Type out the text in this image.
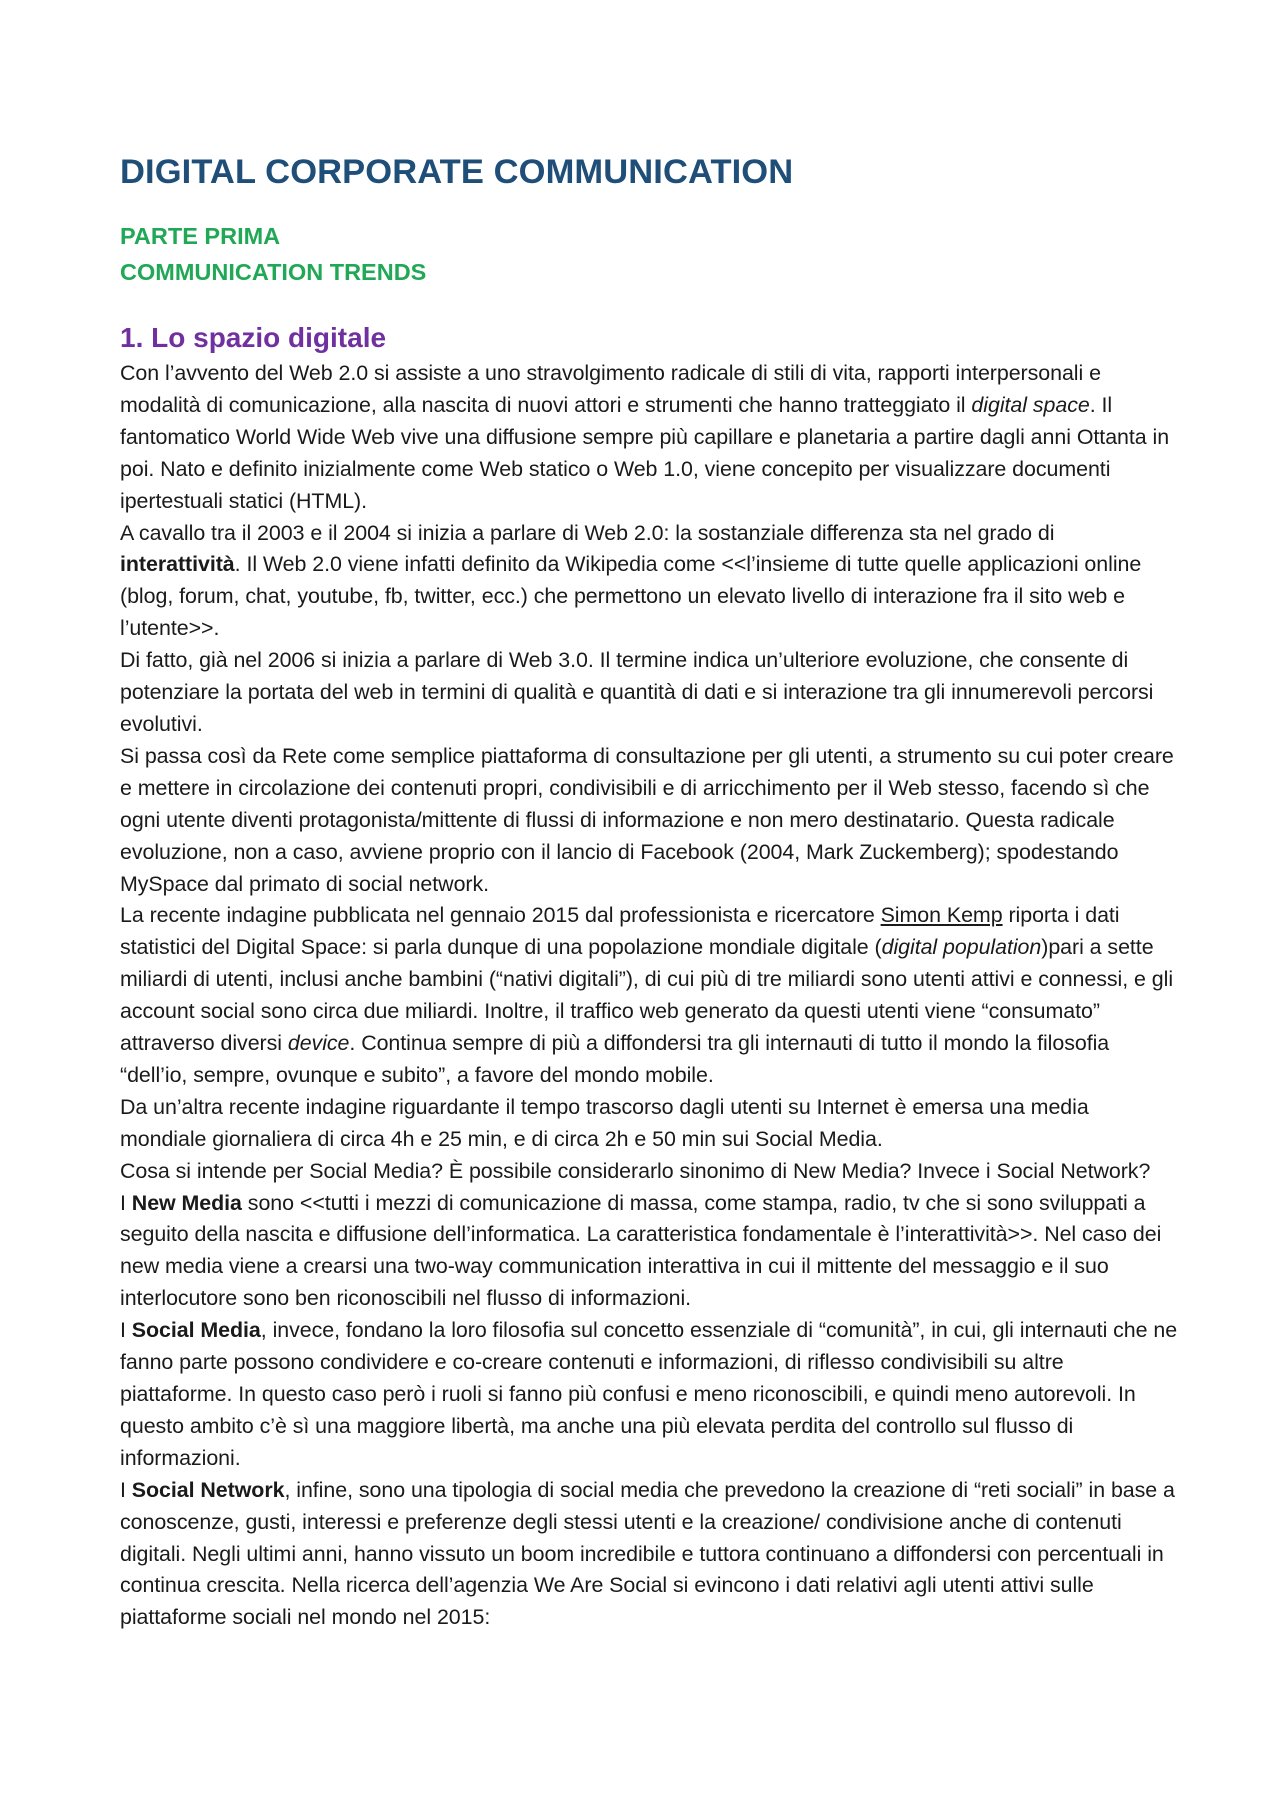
DIGITAL CORPORATE COMMUNICATION
PARTE PRIMA
COMMUNICATION TRENDS
1. Lo spazio digitale

Con l’avvento del Web 2.0 si assiste a uno stravolgimento radicale di stili di vita, rapporti interpersonali e modalità di comunicazione, alla nascita di nuovi attori e strumenti che hanno tratteggiato il digital space. Il fantomatico World Wide Web vive una diffusione sempre più capillare e planetaria a partire dagli anni Ottanta in poi. Nato e definito inizialmente come Web statico o Web 1.0, viene concepito per visualizzare documenti ipertestuali statici (HTML).

A cavallo tra il 2003 e il 2004 si inizia a parlare di Web 2.0: la sostanziale differenza sta nel grado di interattività. Il Web 2.0 viene infatti definito da Wikipedia come <<l’insieme di tutte quelle applicazioni online (blog, forum, chat, youtube, fb, twitter, ecc.) che permettono un elevato livello di interazione fra il sito web e l’utente>>.

Di fatto, già nel 2006 si inizia a parlare di Web 3.0. Il termine indica un’ulteriore evoluzione, che consente di potenziare la portata del web in termini di qualità e quantità di dati e si interazione tra gli innumerevoli percorsi evolutivi.

Si passa così da Rete come semplice piattaforma di consultazione per gli utenti, a strumento su cui poter creare e mettere in circolazione dei contenuti propri, condivisibili e di arricchimento per il Web stesso, facendo sì che ogni utente diventi protagonista/mittente di flussi di informazione e non mero destinatario. Questa radicale evoluzione, non a caso, avviene proprio con il lancio di Facebook (2004, Mark Zuckemberg); spodestando MySpace dal primato di social network.

La recente indagine pubblicata nel gennaio 2015 dal professionista e ricercatore Simon Kemp riporta i dati statistici del Digital Space: si parla dunque di una popolazione mondiale digitale (digital population)pari a sette miliardi di utenti, inclusi anche bambini (“nativi digitali”), di cui più di tre miliardi sono utenti attivi e connessi, e gli account social sono circa due miliardi. Inoltre, il traffico web generato da questi utenti viene “consumato” attraverso diversi device. Continua sempre di più a diffondersi tra gli internauti di tutto il mondo la filosofia “dell’io, sempre, ovunque e subito”, a favore del mondo mobile.

Da un’altra recente indagine riguardante il tempo trascorso dagli utenti su Internet è emersa una media mondiale giornaliera di circa 4h e 25 min, e di circa 2h e 50 min sui Social Media.

Cosa si intende per Social Media? È possibile considerarlo sinonimo di New Media? Invece i Social Network?

I New Media sono <<tutti i mezzi di comunicazione di massa, come stampa, radio, tv che si sono sviluppati a seguito della nascita e diffusione dell’informatica. La caratteristica fondamentale è l’interattività>>. Nel caso dei new media viene a crearsi una two-way communication interattiva in cui il mittente del messaggio e il suo interlocutore sono ben riconoscibili nel flusso di informazioni.

I Social Media, invece, fondano la loro filosofia sul concetto essenziale di “comunità”, in cui, gli internauti che ne fanno parte possono condividere e co-creare contenuti e informazioni, di riflesso condivisibili su altre piattaforme. In questo caso però i ruoli si fanno più confusi e meno riconoscibili, e quindi meno autorevoli. In questo ambito c’è sì una maggiore libertà, ma anche una più elevata perdita del controllo sul flusso di informazioni.

I Social Network, infine, sono una tipologia di social media che prevedono la creazione di “reti sociali” in base a conoscenze, gusti, interessi e preferenze degli stessi utenti e la creazione/ condivisione anche di contenuti digitali. Negli ultimi anni, hanno vissuto un boom incredibile e tuttora continuano a diffondersi con percentuali in continua crescita. Nella ricerca dell’agenzia We Are Social si evincono i dati relativi agli utenti attivi sulle piattaforme sociali nel mondo nel 2015:
